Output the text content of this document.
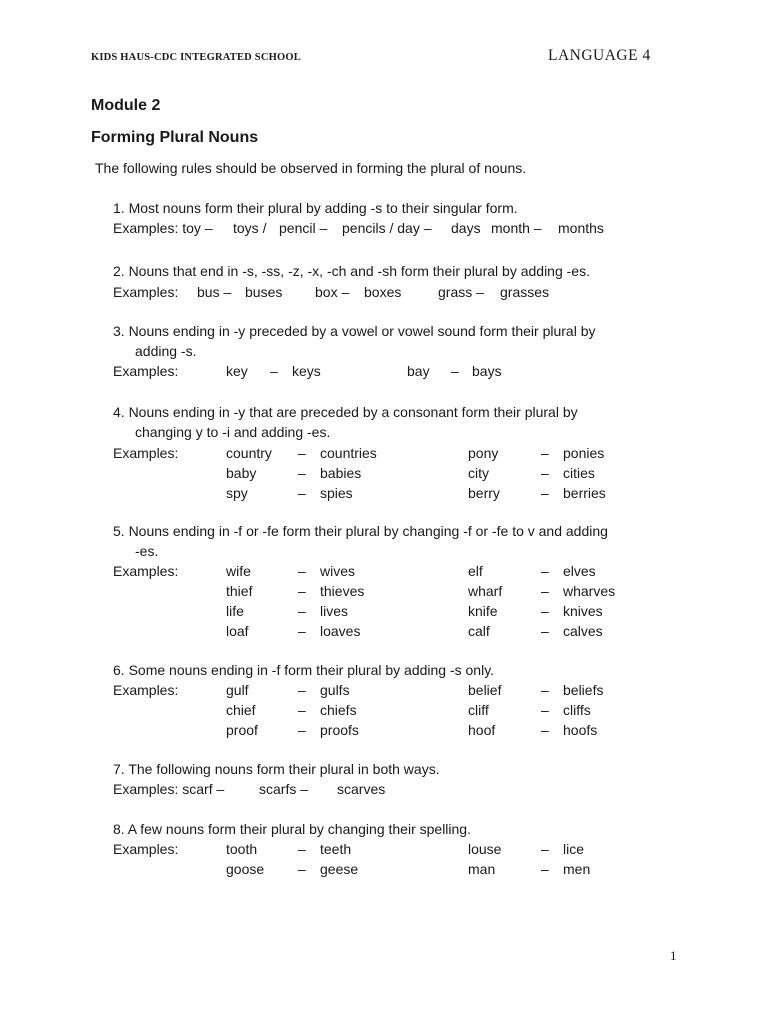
KIDS HAUS-CDC INTEGRATED SCHOOL	LANGUAGE 4
Module 2
Forming Plural Nouns
The following rules should be observed in forming the plural of nouns.
1. Most nouns form their plural by adding -s to their singular form.
Examples: toy – toys / pencil – pencils / day – days month – months
2. Nouns that end in -s, -ss, -z, -x, -ch and -sh form their plural by adding -es.
Examples: bus – buses box – boxes	grass – grasses
3. Nouns ending in -y preceded by a vowel or vowel sound form their plural by
adding -s.
Examples:	key – keys	bay – bays
4. Nouns ending in -y that are preceded by a consonant form their plural by
changing y to -i and adding -es.
Examples:	country – countries	pony	– ponies
baby	– babies	city	– cities
spy	– spies	berry	– berries
5. Nouns ending in -f or -fe form their plural by changing -f or -fe to v and adding
-es.
Examples:	wife	– wives	elf	– elves
thief	– thieves	wharf	– wharves
life	– lives	knife	– knives
loaf	– loaves	calf	– calves
6. Some nouns ending in -f form their plural by adding -s only.
Examples:	gulf	– gulfs	belief	– beliefs
chief	– chiefs	cliff	– cliffs
proof	– proofs	hoof	– hoofs
7. The following nouns form their plural in both ways.
Examples: scarf – scarfs – scarves
8. A few nouns form their plural by changing their spelling.
Examples:	tooth	– teeth	louse	– lice
goose – geese	man	– men
1
